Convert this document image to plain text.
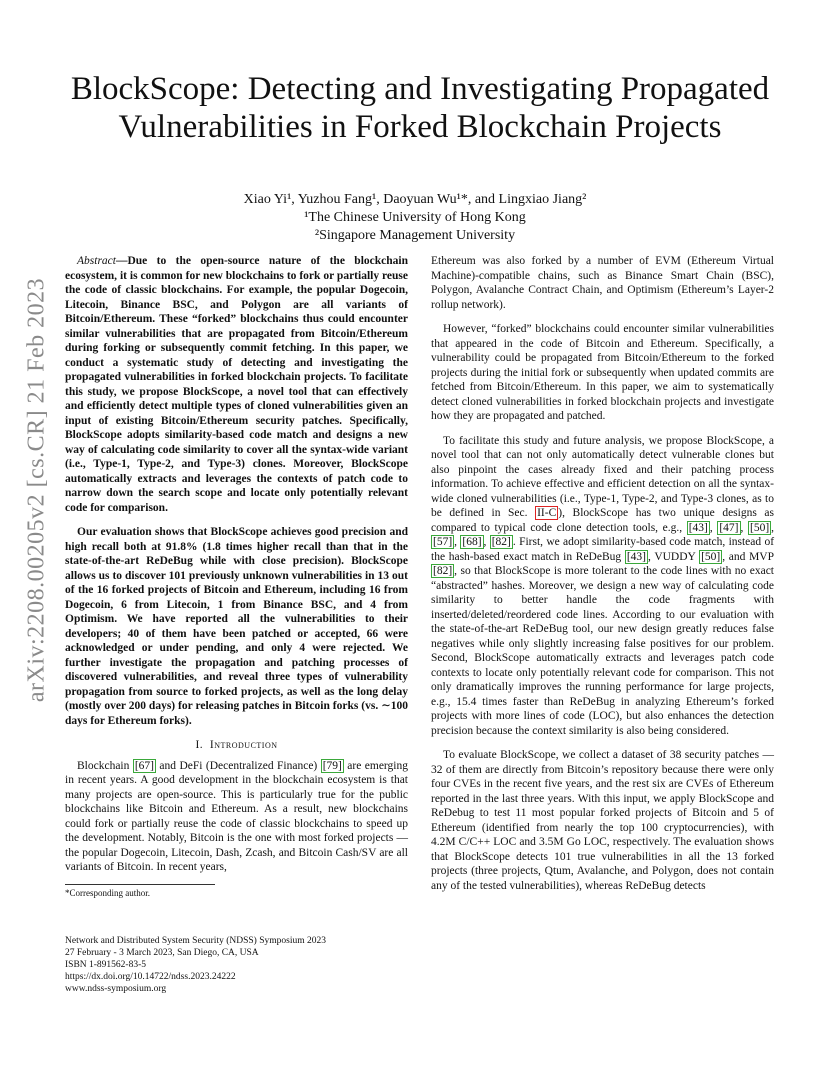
arXiv:2208.00205v2 [cs.CR] 21 Feb 2023
BlockScope: Detecting and Investigating Propagated
Vulnerabilities in Forked Blockchain Projects
Xiao Yi¹, Yuzhou Fang¹, Daoyuan Wu¹*, and Lingxiao Jiang²
¹The Chinese University of Hong Kong
²Singapore Management University

Abstract—Due to the open-source nature of the blockchain ecosystem, it is common for new blockchains to fork or partially reuse the code of classic blockchains. For example, the popular Dogecoin, Litecoin, Binance BSC, and Polygon are all variants of Bitcoin/Ethereum. These “forked” blockchains thus could encounter similar vulnerabilities that are propagated from Bitcoin/Ethereum during forking or subsequently commit fetching. In this paper, we conduct a systematic study of detecting and investigating the propagated vulnerabilities in forked blockchain projects. To facilitate this study, we propose BlockScope, a novel tool that can effectively and efficiently detect multiple types of cloned vulnerabilities given an input of existing Bitcoin/Ethereum security patches. Specifically, BlockScope adopts similarity-based code match and designs a new way of calculating code similarity to cover all the syntax-wide variant (i.e., Type-1, Type-2, and Type-3) clones. Moreover, BlockScope automatically extracts and leverages the contexts of patch code to narrow down the search scope and locate only potentially relevant code for comparison.

Our evaluation shows that BlockScope achieves good precision and high recall both at 91.8% (1.8 times higher recall than that in the state-of-the-art ReDeBug while with close precision). BlockScope allows us to discover 101 previously unknown vulnerabilities in 13 out of the 16 forked projects of Bitcoin and Ethereum, including 16 from Dogecoin, 6 from Litecoin, 1 from Binance BSC, and 4 from Optimism. We have reported all the vulnerabilities to their developers; 40 of them have been patched or accepted, 66 were acknowledged or under pending, and only 4 were rejected. We further investigate the propagation and patching processes of discovered vulnerabilities, and reveal three types of vulnerability propagation from source to forked projects, as well as the long delay (mostly over 200 days) for releasing patches in Bitcoin forks (vs. ∼100 days for Ethereum forks).

I. Introduction

Blockchain [67] and DeFi (Decentralized Finance) [79] are emerging in recent years. A good development in the blockchain ecosystem is that many projects are open-source. This is particularly true for the public blockchains like Bitcoin and Ethereum. As a result, new blockchains could fork or partially reuse the code of classic blockchains to speed up the development. Notably, Bitcoin is the one with most forked projects — the popular Dogecoin, Litecoin, Dash, Zcash, and Bitcoin Cash/SV are all variants of Bitcoin. In recent years,

Ethereum was also forked by a number of EVM (Ethereum Virtual Machine)-compatible chains, such as Binance Smart Chain (BSC), Polygon, Avalanche Contract Chain, and Optimism (Ethereum’s Layer-2 rollup network).

However, “forked” blockchains could encounter similar vulnerabilities that appeared in the code of Bitcoin and Ethereum. Specifically, a vulnerability could be propagated from Bitcoin/Ethereum to the forked projects during the initial fork or subsequently when updated commits are fetched from Bitcoin/Ethereum. In this paper, we aim to systematically detect cloned vulnerabilities in forked blockchain projects and investigate how they are propagated and patched.

To facilitate this study and future analysis, we propose BlockScope, a novel tool that can not only automatically detect vulnerable clones but also pinpoint the cases already fixed and their patching process information. To achieve effective and efficient detection on all the syntax-wide cloned vulnerabilities (i.e., Type-1, Type-2, and Type-3 clones, as to be defined in Sec. II-C ), BlockScope has two unique designs as compared to typical code clone detection tools, e.g., [43] , [47] , [50] , [57] , [68] , [82] . First, we adopt similarity-based code match, instead of the hash-based exact match in ReDeBug [43] , VUDDY [50] , and MVP [82] , so that BlockScope is more tolerant to the code lines with no exact “abstracted” hashes. Moreover, we design a new way of calculating code similarity to better handle the code fragments with inserted/deleted/reordered code lines. According to our evaluation with the state-of-the-art ReDeBug tool, our new design greatly reduces false negatives while only slightly increasing false positives for our problem. Second, BlockScope automatically extracts and leverages patch code contexts to locate only potentially relevant code for comparison. This not only dramatically improves the running performance for large projects, e.g., 15.4 times faster than ReDeBug in analyzing Ethereum’s forked projects with more lines of code (LOC), but also enhances the detection precision because the context similarity is also being considered.

To evaluate BlockScope, we collect a dataset of 38 security patches — 32 of them are directly from Bitcoin’s repository because there were only four CVEs in the recent five years, and the rest six are CVEs of Ethereum reported in the last three years. With this input, we apply BlockScope and ReDebug to test 11 most popular forked projects of Bitcoin and 5 of Ethereum (identified from nearly the top 100 cryptocurrencies), with 4.2M C/C++ LOC and 3.5M Go LOC, respectively. The evaluation shows that BlockScope detects 101 true vulnerabilities in all the 13 forked projects (three projects, Qtum, Avalanche, and Polygon, does not contain any of the tested vulnerabilities), whereas ReDeBug detects

*Corresponding author.
Network and Distributed System Security (NDSS) Symposium 2023
27 February - 3 March 2023, San Diego, CA, USA
ISBN 1-891562-83-5
https://dx.doi.org/10.14722/ndss.2023.24222
www.ndss-symposium.org
